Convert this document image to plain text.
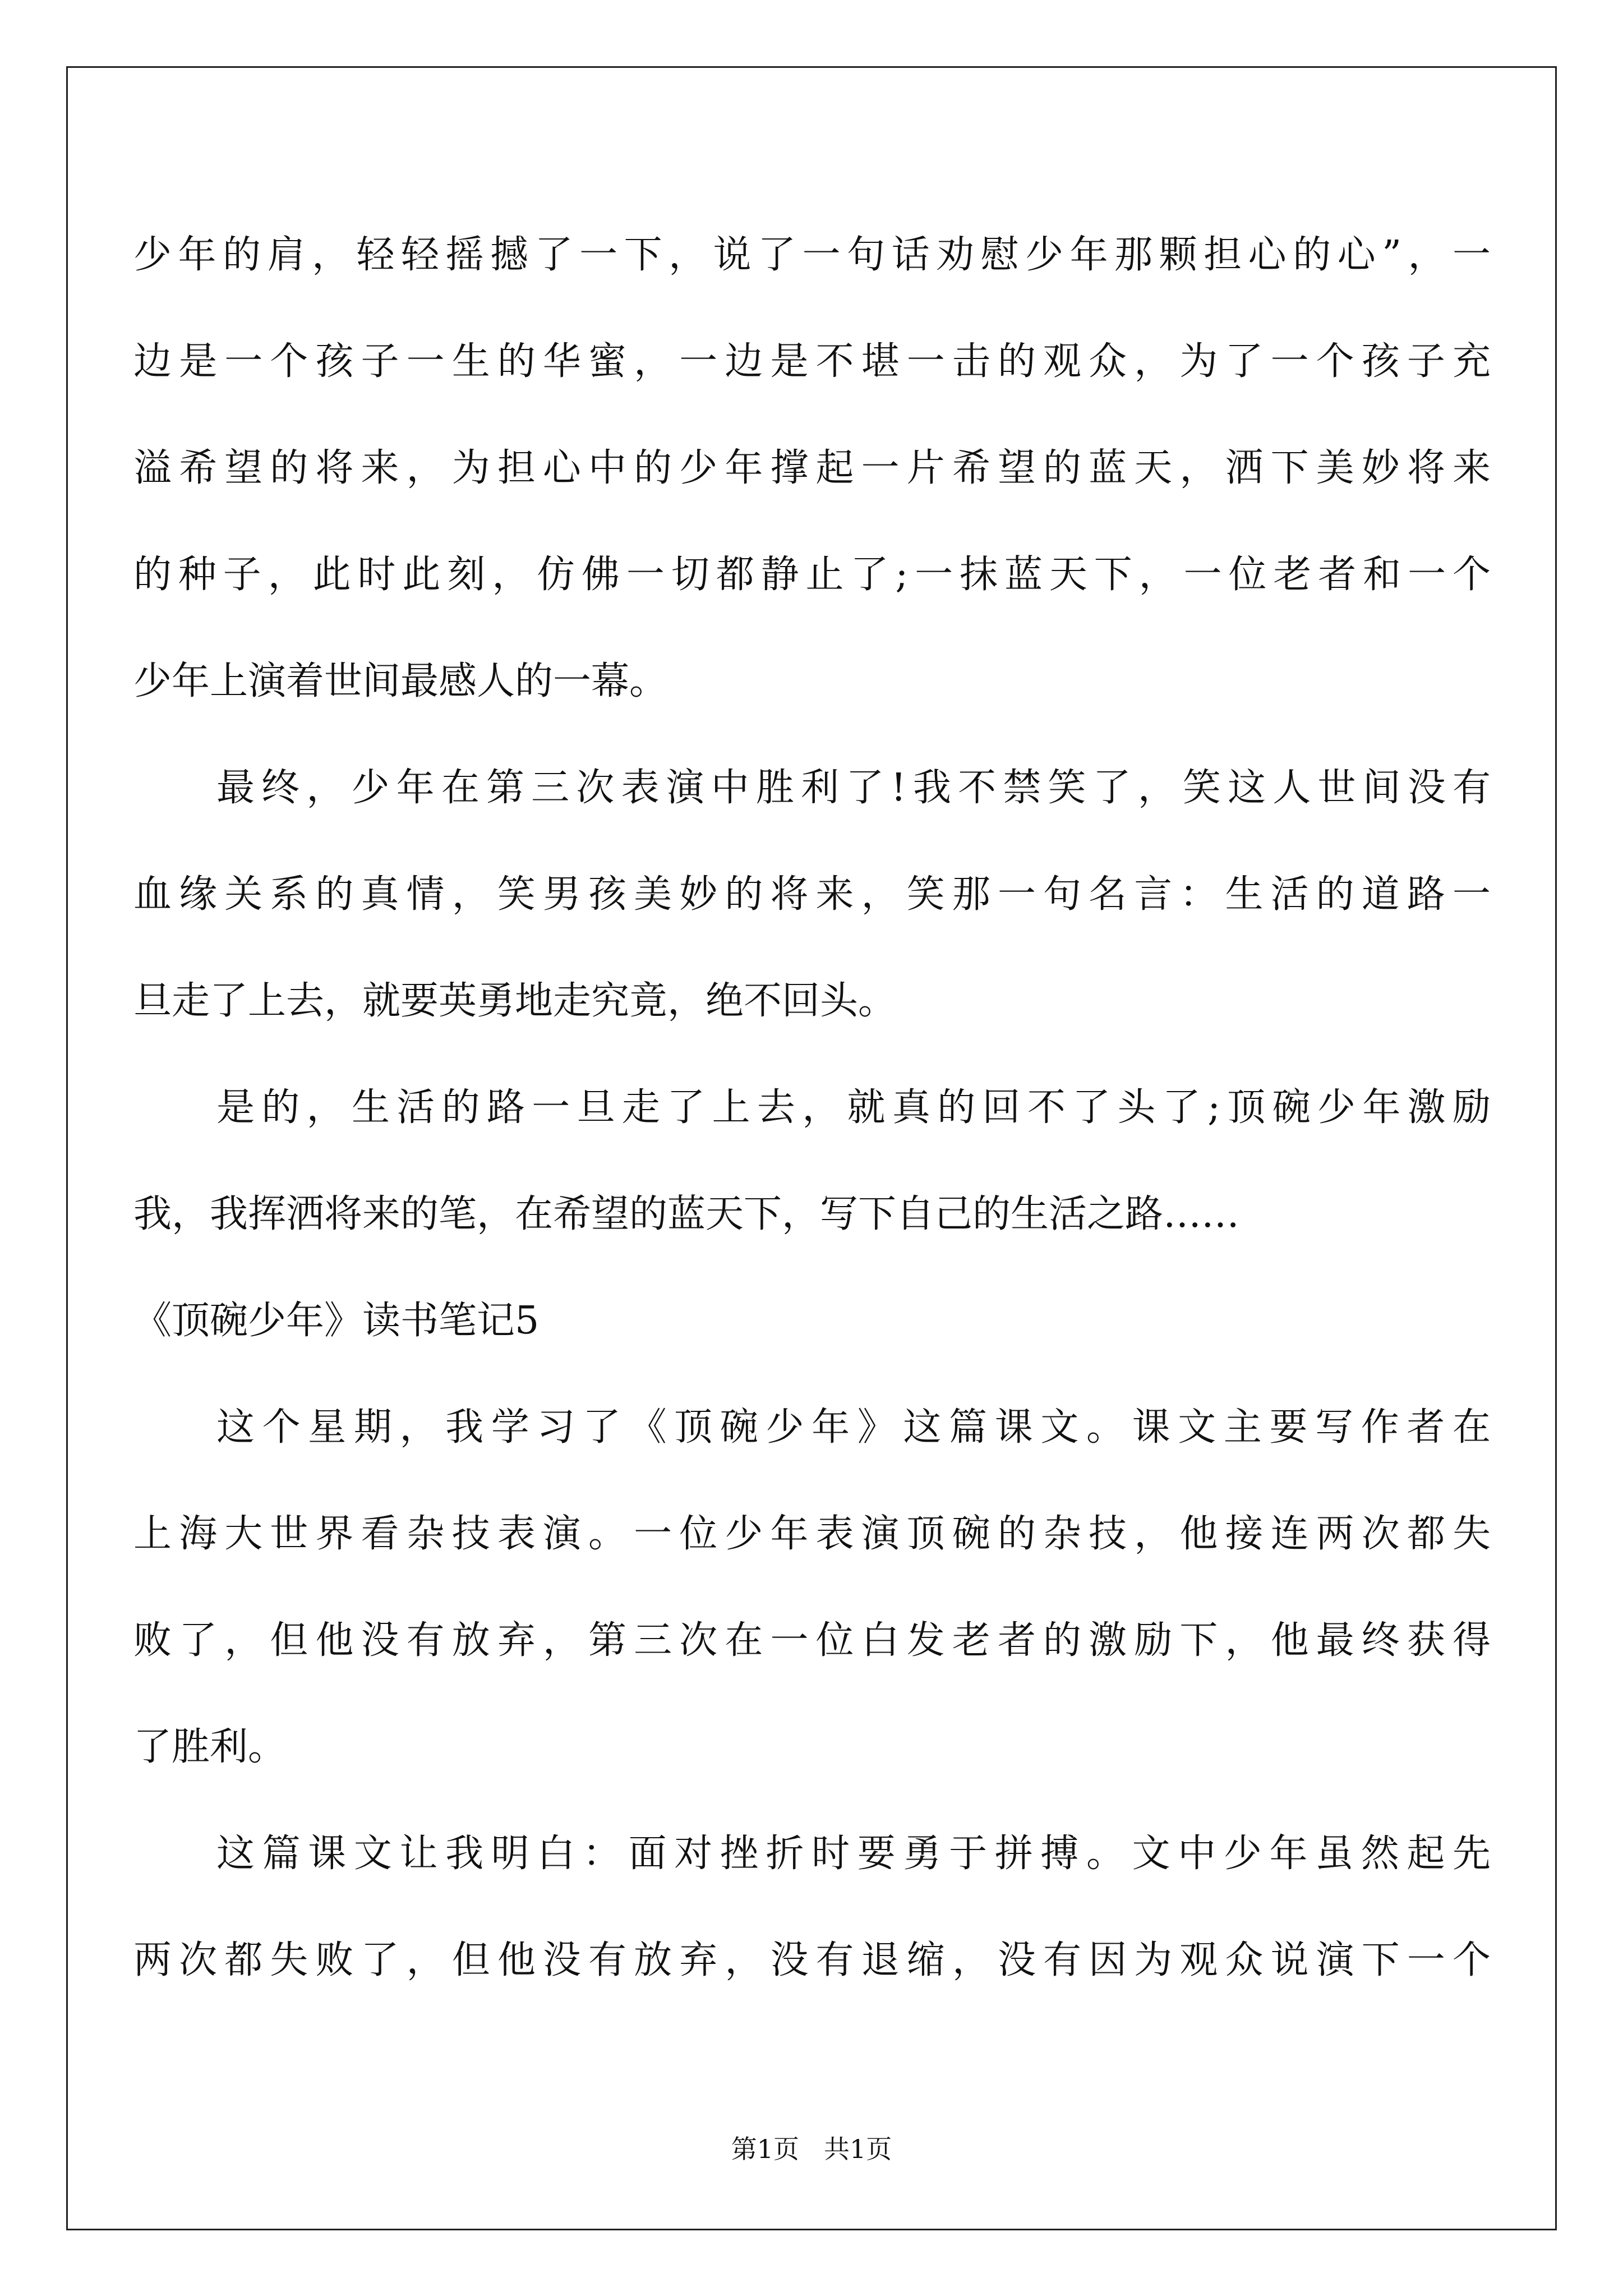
少年的肩，轻轻摇撼了一下，说了一句话劝慰少年那颗担心的心”，一
边是一个孩子一生的华蜜，一边是不堪一击的观众，为了一个孩子充
溢希望的将来，为担心中的少年撑起一片希望的蓝天，洒下美妙将来
的种子，此时此刻，仿佛一切都静止了;一抹蓝天下，一位老者和一个
少年上演着世间最感人的一幕。
最终，少年在第三次表演中胜利了!我不禁笑了，笑这人世间没有
血缘关系的真情，笑男孩美妙的将来，笑那一句名言：生活的道路一
旦走了上去，就要英勇地走究竟，绝不回头。
是的，生活的路一旦走了上去，就真的回不了头了;顶碗少年激励
我，我挥洒将来的笔，在希望的蓝天下，写下自己的生活之路……
《顶碗少年》读书笔记5
这个星期，我学习了《顶碗少年》这篇课文。课文主要写作者在
上海大世界看杂技表演。一位少年表演顶碗的杂技，他接连两次都失
败了，但他没有放弃，第三次在一位白发老者的激励下，他最终获得
了胜利。
这篇课文让我明白：面对挫折时要勇于拼搏。文中少年虽然起先
两次都失败了，但他没有放弃，没有退缩，没有因为观众说演下一个
第1页 共1页
